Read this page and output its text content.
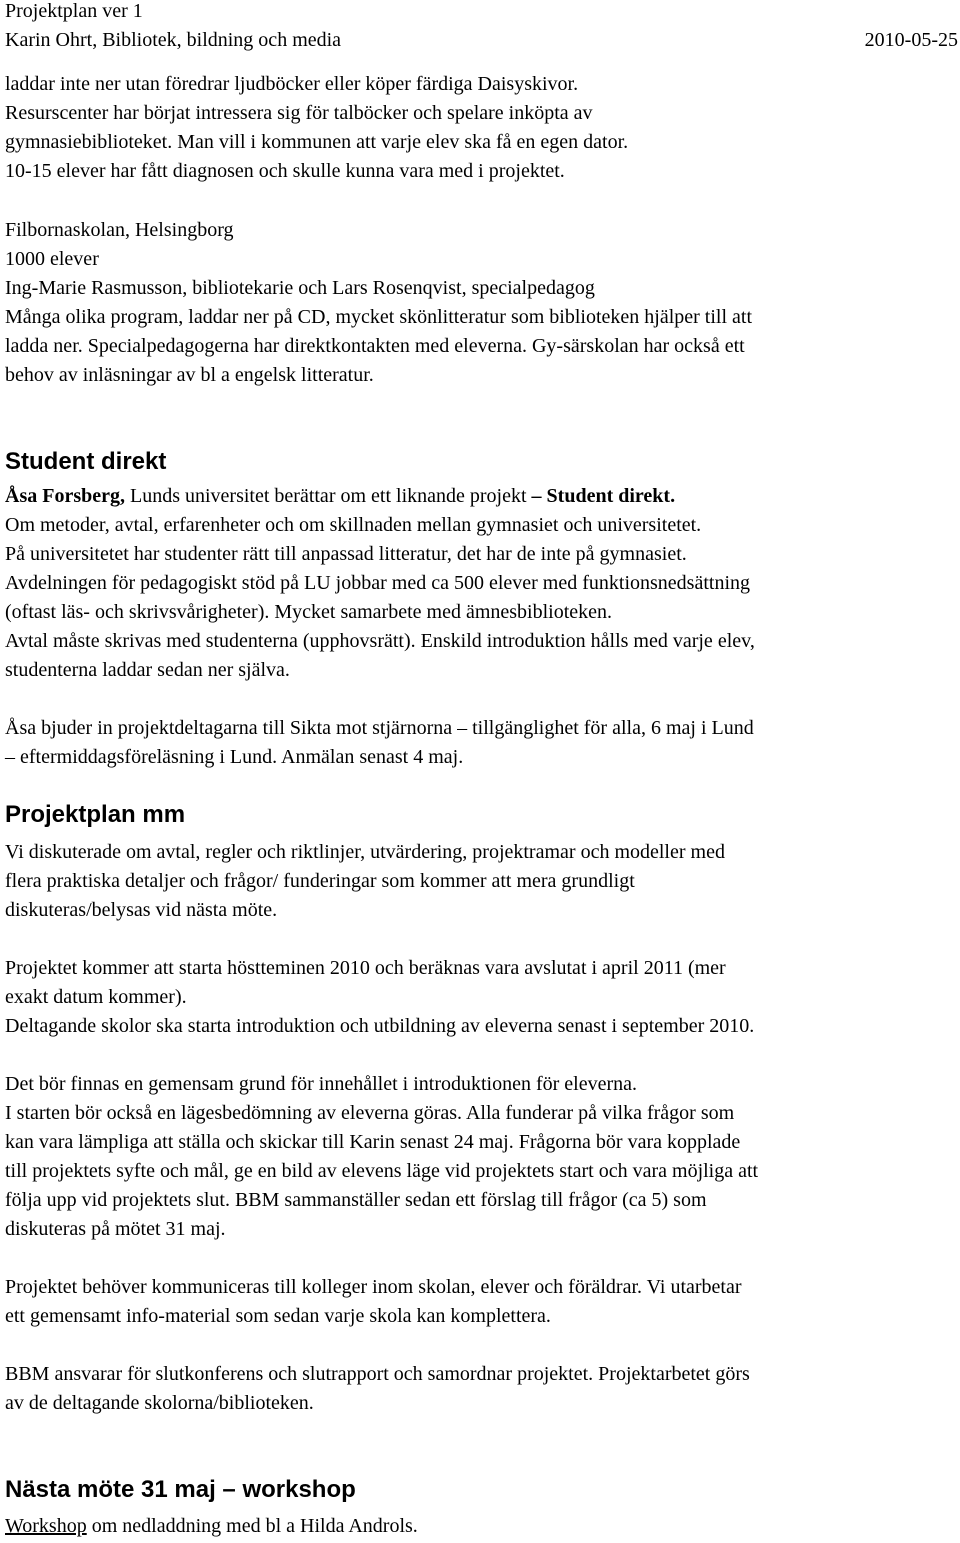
Projektplan ver 1
Karin Ohrt, Bibliotek, bildning och media	2010-05-25
laddar inte ner utan föredrar ljudböcker eller köper färdiga Daisyskivor.
Resurscenter har börjat intressera sig för talböcker och spelare inköpta av
gymnasiebiblioteket. Man vill i kommunen att varje elev ska få en egen dator.
10-15 elever har fått diagnosen och skulle kunna vara med i projektet.
Filbornaskolan, Helsingborg
1000 elever
Ing-Marie Rasmusson, bibliotekarie och Lars Rosenqvist, specialpedagog
Många olika program, laddar ner på CD, mycket skönlitteratur som biblioteken hjälper till att
ladda ner. Specialpedagogerna har direktkontakten med eleverna. Gy-särskolan har också ett
behov av inläsningar av bl a engelsk litteratur.
Student direkt
Åsa Forsberg, Lunds universitet berättar om ett liknande projekt – Student direkt.
Om metoder, avtal, erfarenheter och om skillnaden mellan gymnasiet och universitetet.
På universitetet har studenter rätt till anpassad litteratur, det har de inte på gymnasiet.
Avdelningen för pedagogiskt stöd på LU jobbar med ca 500 elever med funktionsnedsättning
(oftast läs- och skrivsvårigheter). Mycket samarbete med ämnesbiblioteken.
Avtal måste skrivas med studenterna (upphovsrätt). Enskild introduktion hålls med varje elev,
studenterna laddar sedan ner själva.
Åsa bjuder in projektdeltagarna till Sikta mot stjärnorna – tillgänglighet för alla, 6 maj i Lund
– eftermiddagsföreläsning i Lund. Anmälan senast 4 maj.
Projektplan mm
Vi diskuterade om avtal, regler och riktlinjer, utvärdering, projektramar och modeller med
flera praktiska detaljer och frågor/ funderingar som kommer att mera grundligt
diskuteras/belysas vid nästa möte.
Projektet kommer att starta höstteminen 2010 och beräknas vara avslutat i april 2011 (mer
exakt datum kommer).
Deltagande skolor ska starta introduktion och utbildning av eleverna senast i september 2010.
Det bör finnas en gemensam grund för innehållet i introduktionen för eleverna.
I starten bör också en lägesbedömning av eleverna göras. Alla funderar på vilka frågor som
kan vara lämpliga att ställa och skickar till Karin senast 24 maj. Frågorna bör vara kopplade
till projektets syfte och mål, ge en bild av elevens läge vid projektets start och vara möjliga att
följa upp vid projektets slut. BBM sammanställer sedan ett förslag till frågor (ca 5) som
diskuteras på mötet 31 maj.
Projektet behöver kommuniceras till kolleger inom skolan, elever och föräldrar. Vi utarbetar
ett gemensamt info-material som sedan varje skola kan komplettera.
BBM ansvarar för slutkonferens och slutrapport och samordnar projektet. Projektarbetet görs
av de deltagande skolorna/biblioteken.
Nästa möte 31 maj – workshop
Workshop om nedladdning med bl a Hilda Androls.
